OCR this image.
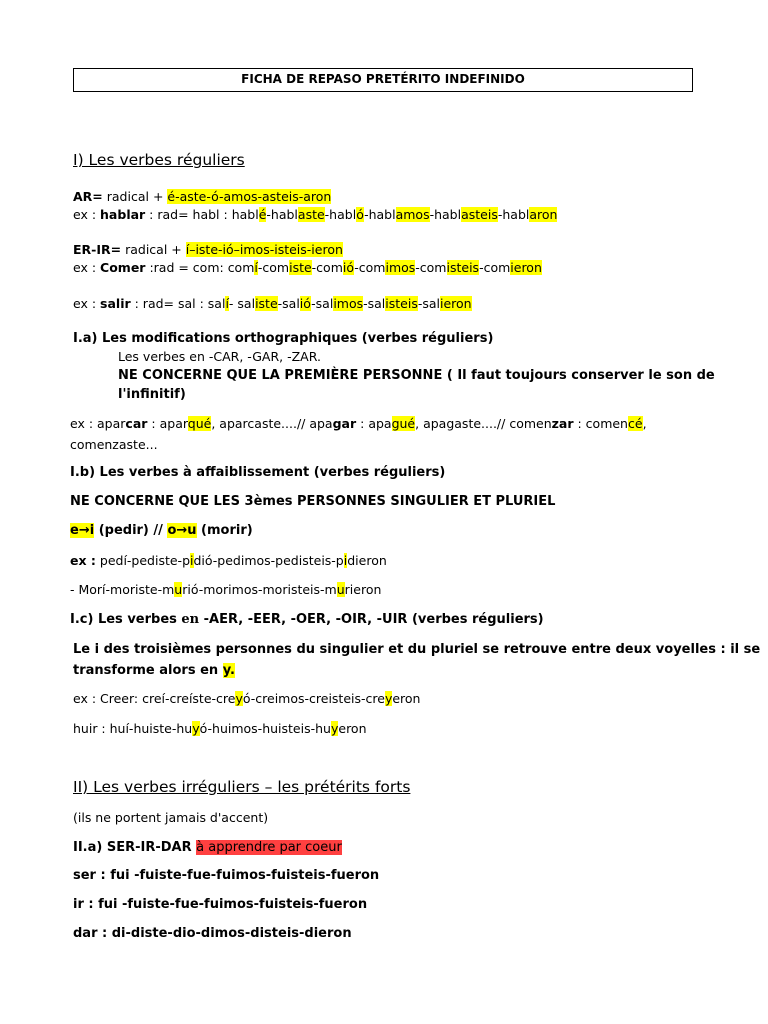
FICHA DE REPASO PRETÉRITO INDEFINIDO
I) Les verbes réguliers
AR= radical + é-aste-ó-amos-asteis-aron
ex : hablar : rad= habl : hablé-hablaste-habló-hablamos-hablasteis-hablaron
ER-IR= radical + í–iste-ió–imos-isteis-ieron
ex : Comer :rad = com: comí-comiste-comió-comimos-comisteis-comieron
ex : salir : rad= sal : salí- saliste-salió-salimos-salisteis-salieron
I.a) Les modifications orthographiques (verbes réguliers)
Les verbes en -CAR, -GAR, -ZAR.
NE CONCERNE QUE LA PREMIÈRE PERSONNE ( Il faut toujours conserver le son de
l'infinitif)
ex : aparcar : aparqué, aparcaste....// apagar : apagué, apagaste....// comenzar : comencé,
comenzaste...
I.b) Les verbes à affaiblissement (verbes réguliers)
NE CONCERNE QUE LES 3èmes PERSONNES SINGULIER ET PLURIEL
e→i (pedir) // o→u (morir)
ex : pedí-pediste-pidió-pedimos-pedisteis-pidieron
- Morí-moriste-murió-morimos-moristeis-murieron
I.c) Les verbes en -AER, -EER, -OER, -OIR, -UIR (verbes réguliers)
Le i des troisièmes personnes du singulier et du pluriel se retrouve entre deux voyelles : il se
transforme alors en y.
ex : Creer: creí-creíste-creyó-creimos-creisteis-creyeron
huir : huí-huiste-huyó-huimos-huisteis-huyeron
II) Les verbes irréguliers – les prétérits forts
(ils ne portent jamais d'accent)
II.a) SER-IR-DAR à apprendre par coeur
ser : fui -fuiste-fue-fuimos-fuisteis-fueron
ir : fui -fuiste-fue-fuimos-fuisteis-fueron
dar : di-diste-dio-dimos-disteis-dieron
